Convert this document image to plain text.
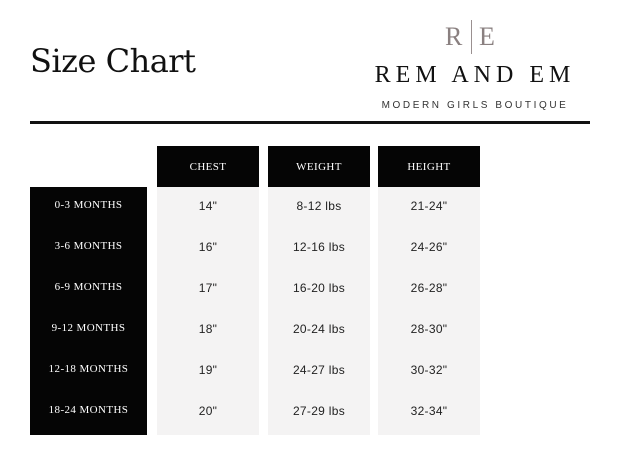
Size Chart
R E
REM AND EM
MODERN GIRLS BOUTIQUE
0-3 MONTHS
3-6 MONTHS
6-9 MONTHS
9-12 MONTHS
12-18 MONTHS
18-24 MONTHS
CHEST
14"
16"
17"
18"
19"
20"
WEIGHT
8-12 lbs
12-16 lbs
16-20 lbs
20-24 lbs
24-27 lbs
27-29 lbs
HEIGHT
21-24"
24-26"
26-28"
28-30"
30-32"
32-34"
